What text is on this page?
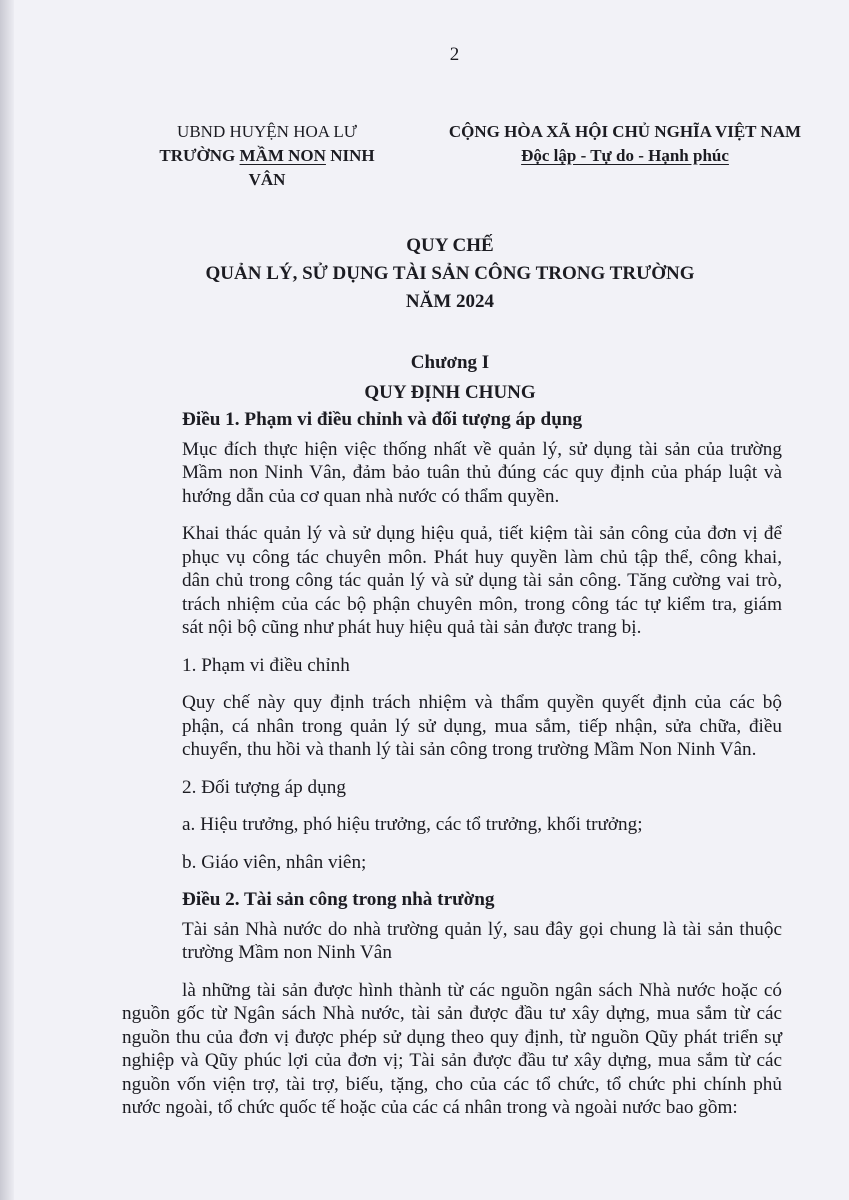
2
UBND HUYỆN HOA LƯ
TRƯỜNG MẦM NON NINH VÂN
CỘNG HÒA XÃ HỘI CHỦ NGHĨA VIỆT NAM
Độc lập - Tự do - Hạnh phúc
QUY CHẾ
QUẢN LÝ, SỬ DỤNG TÀI SẢN CÔNG TRONG TRƯỜNG
NĂM 2024
Chương I
QUY ĐỊNH CHUNG

Điều 1. Phạm vi điều chỉnh và đối tượng áp dụng

Mục đích thực hiện việc thống nhất về quản lý, sử dụng tài sản của trường Mầm non Ninh Vân, đảm bảo tuân thủ đúng các quy định của pháp luật và hướng dẫn của cơ quan nhà nước có thẩm quyền.

Khai thác quản lý và sử dụng hiệu quả, tiết kiệm tài sản công của đơn vị để phục vụ công tác chuyên môn. Phát huy quyền làm chủ tập thể, công khai, dân chủ trong công tác quản lý và sử dụng tài sản công. Tăng cường vai trò, trách nhiệm của các bộ phận chuyên môn, trong công tác tự kiểm tra, giám sát nội bộ cũng như phát huy hiệu quả tài sản được trang bị.

1. Phạm vi điều chỉnh

Quy chế này quy định trách nhiệm và thẩm quyền quyết định của các bộ phận, cá nhân trong quản lý sử dụng, mua sắm, tiếp nhận, sửa chữa, điều chuyển, thu hồi và thanh lý tài sản công trong trường Mầm Non Ninh Vân.

2. Đối tượng áp dụng

a. Hiệu trưởng, phó hiệu trưởng, các tổ trưởng, khối trưởng;

b. Giáo viên, nhân viên;

Điều 2. Tài sản công trong nhà trường

Tài sản Nhà nước do nhà trường quản lý, sau đây gọi chung là tài sản thuộc trường Mầm non Ninh Vân

là những tài sản được hình thành từ các nguồn ngân sách Nhà nước hoặc có nguồn gốc từ Ngân sách Nhà nước, tài sản được đầu tư xây dựng, mua sắm từ các nguồn thu của đơn vị được phép sử dụng theo quy định, từ nguồn Qũy phát triển sự nghiệp và Qũy phúc lợi của đơn vị; Tài sản được đầu tư xây dựng, mua sắm từ các nguồn vốn viện trợ, tài trợ, biếu, tặng, cho của các tổ chức, tổ chức phi chính phủ nước ngoài, tổ chức quốc tế hoặc của các cá nhân trong và ngoài nước bao gồm:
